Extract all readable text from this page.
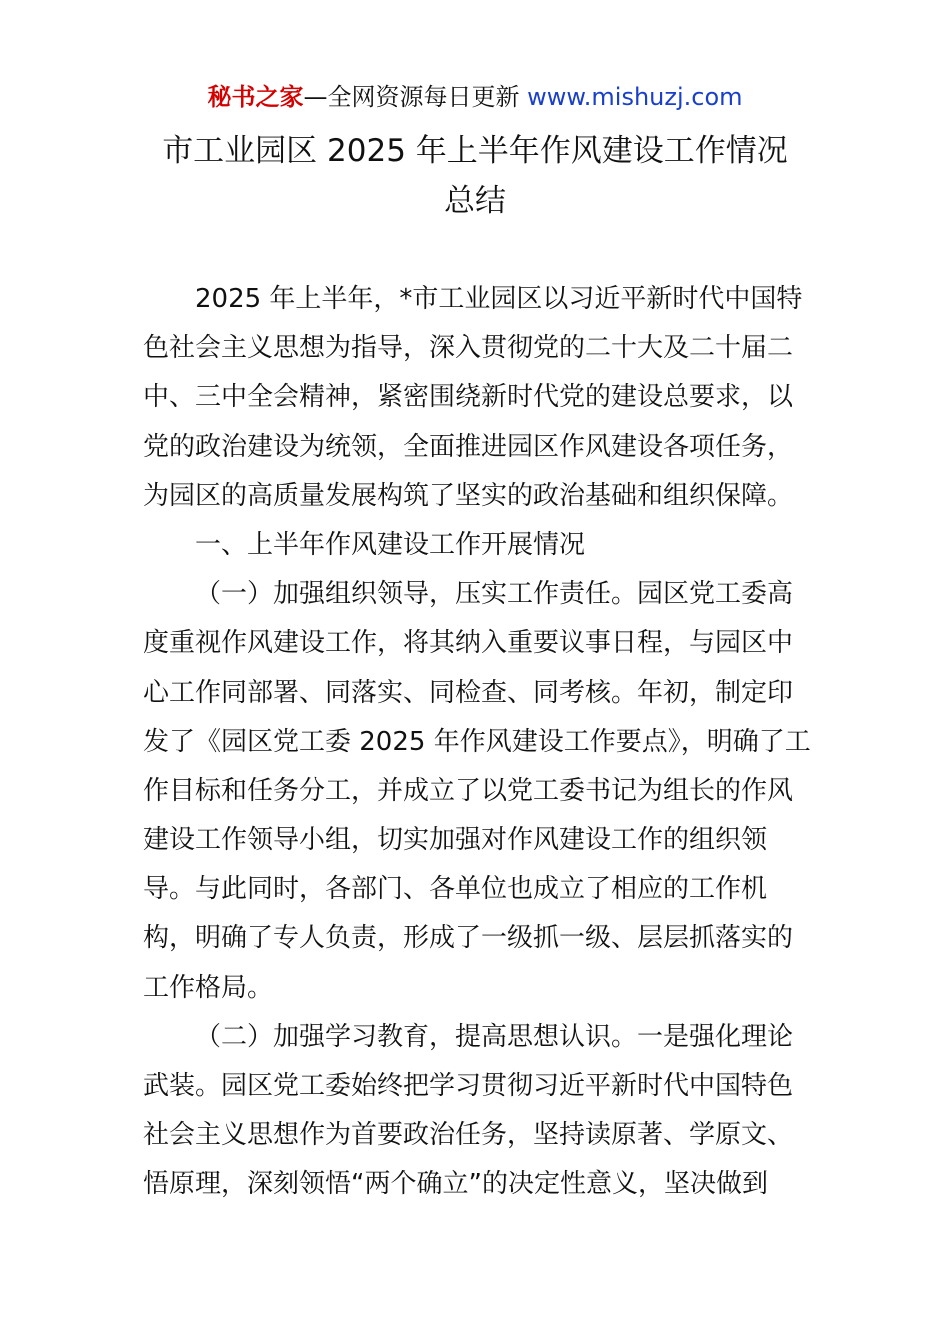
秘书之家—全网资源每日更新 www.mishuzj.com
市工业园区 2025 年上半年作风建设工作情况
总结
2025 年上半年，*市工业园区以习近平新时代中国特
色社会主义思想为指导，深入贯彻党的二十大及二十届二
中、三中全会精神，紧密围绕新时代党的建设总要求，以
党的政治建设为统领，全面推进园区作风建设各项任务，
为园区的高质量发展构筑了坚实的政治基础和组织保障。
一、上半年作风建设工作开展情况
（一）加强组织领导，压实工作责任。园区党工委高
度重视作风建设工作，将其纳入重要议事日程，与园区中
心工作同部署、同落实、同检查、同考核。年初，制定印
发了《园区党工委 2025 年作风建设工作要点》，明确了工
作目标和任务分工，并成立了以党工委书记为组长的作风
建设工作领导小组，切实加强对作风建设工作的组织领
导。与此同时，各部门、各单位也成立了相应的工作机
构，明确了专人负责，形成了一级抓一级、层层抓落实的
工作格局。
（二）加强学习教育，提高思想认识。一是强化理论
武装。园区党工委始终把学习贯彻习近平新时代中国特色
社会主义思想作为首要政治任务，坚持读原著、学原文、
悟原理，深刻领悟“两个确立”的决定性意义，坚决做到
